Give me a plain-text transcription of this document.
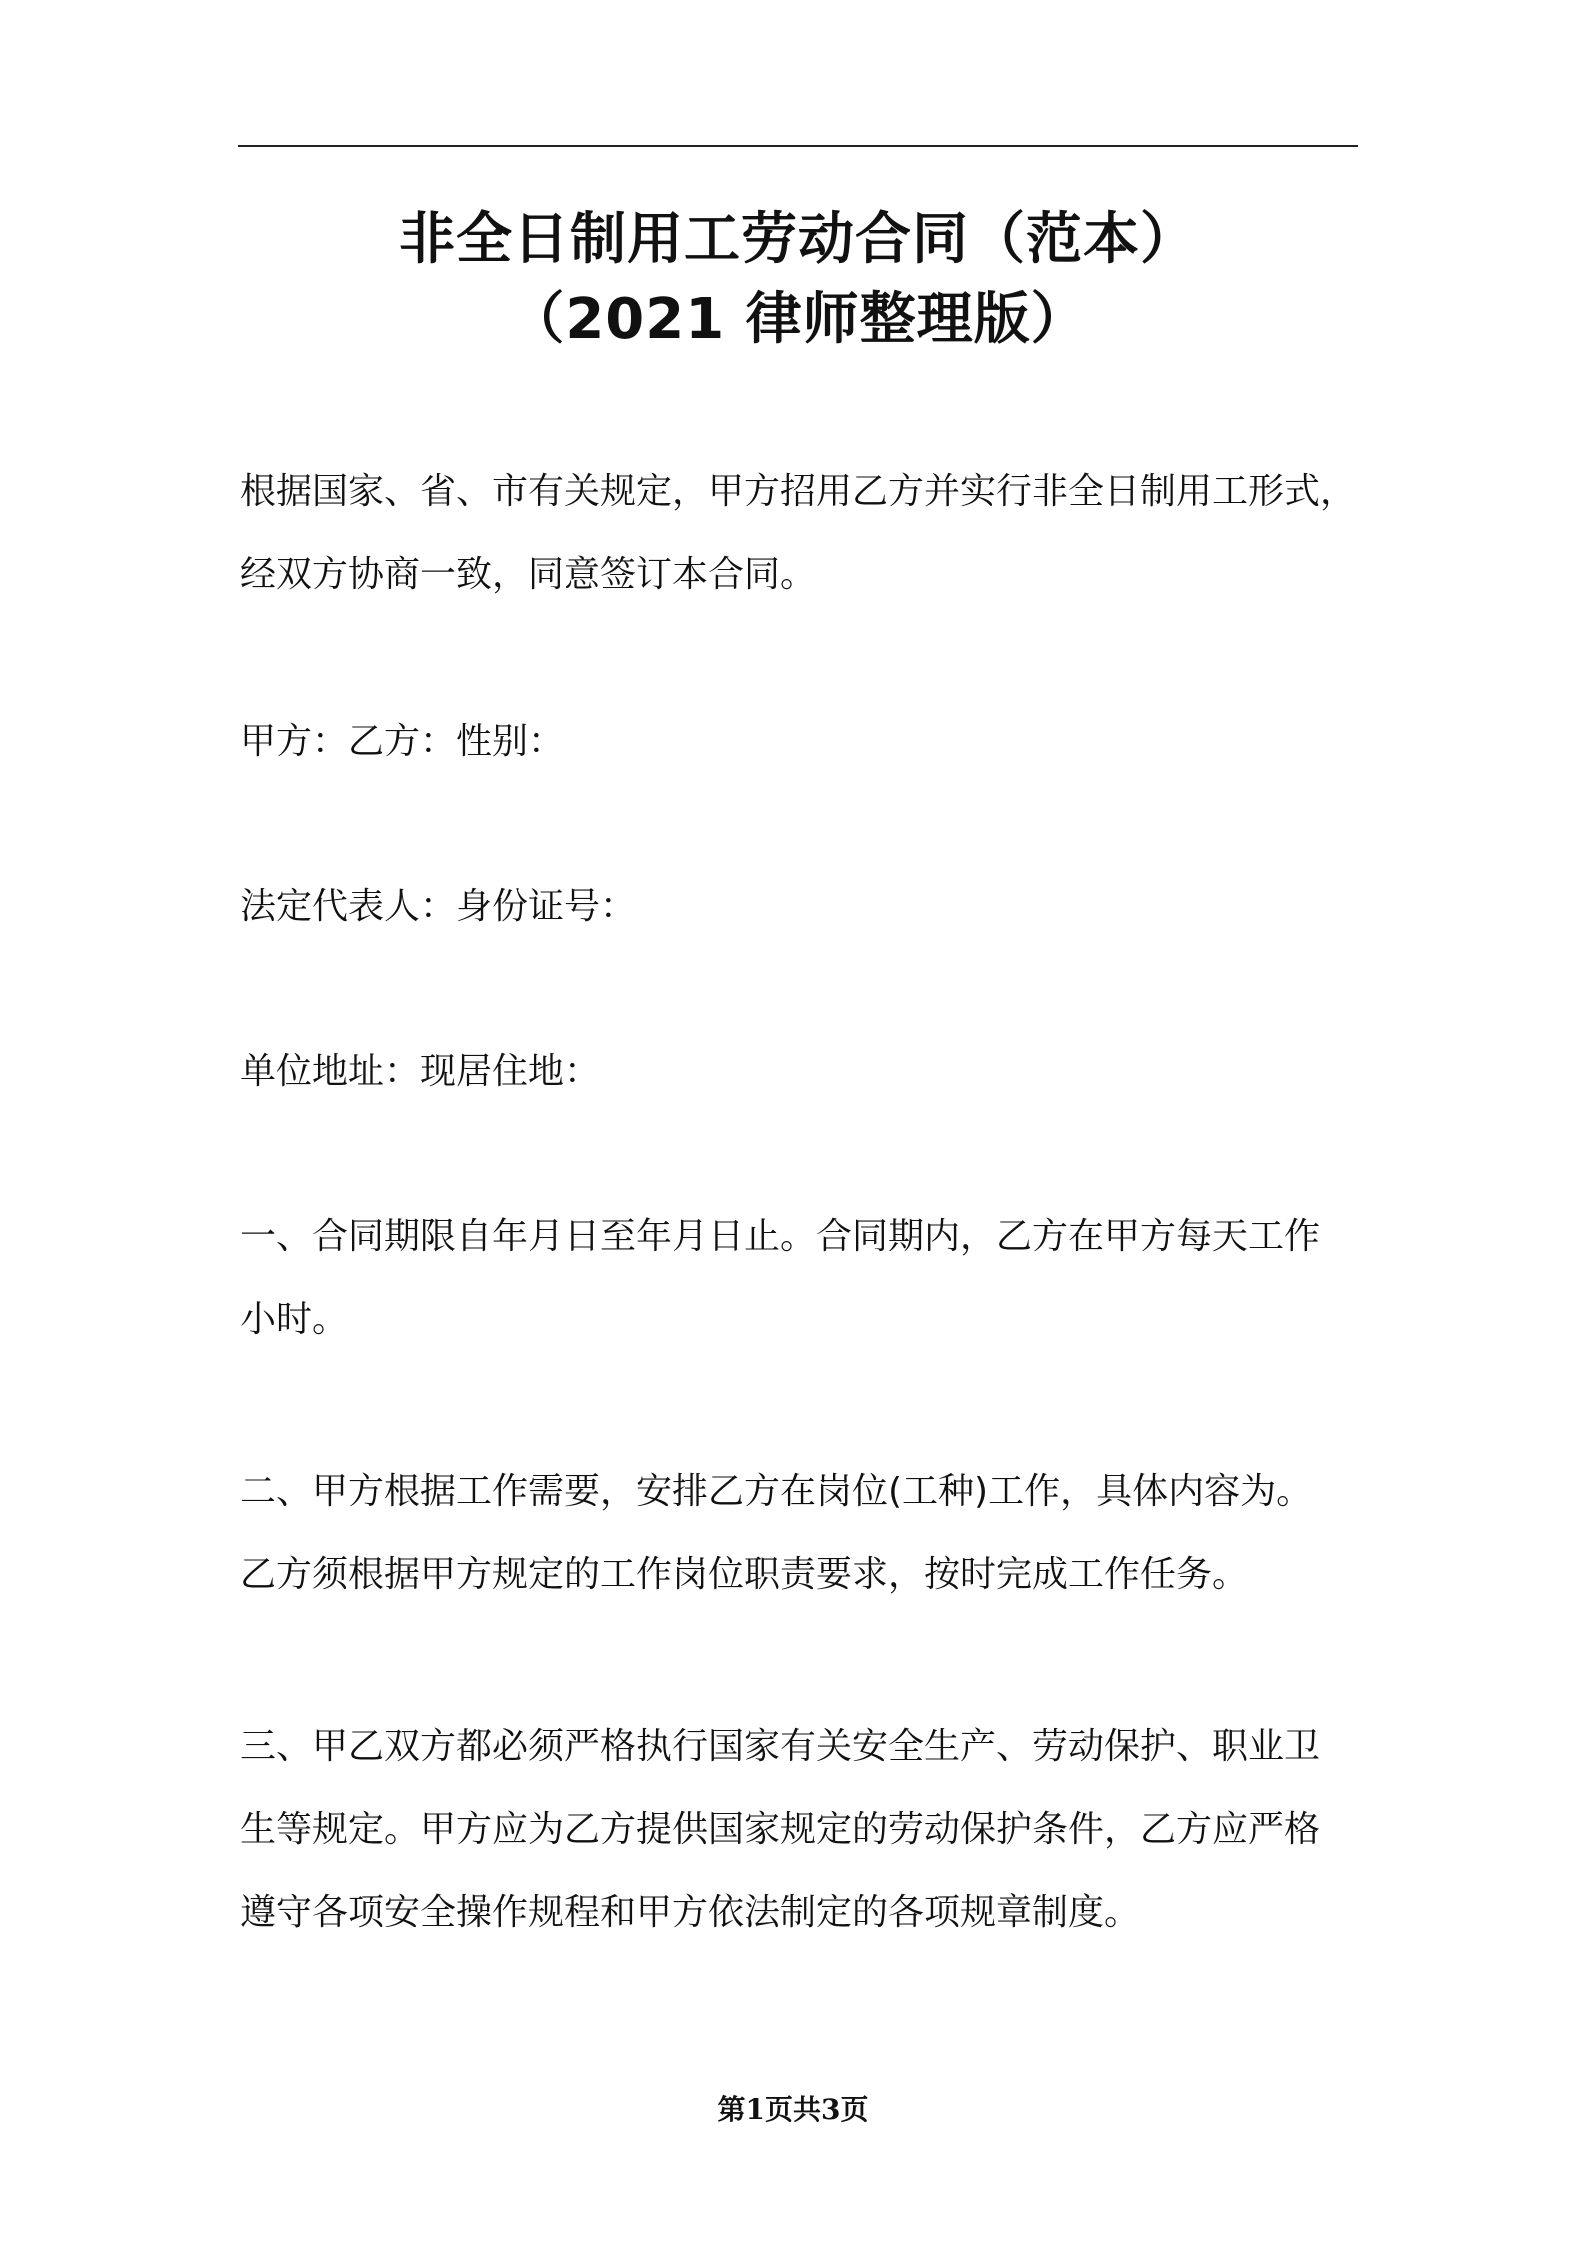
非全日制用工劳动合同（范本）
（2021 律师整理版）
根据国家、省、市有关规定，甲方招用乙方并实行非全日制用工形式，
经双方协商一致，同意签订本合同。
甲方：乙方：性别：
法定代表人：身份证号：
单位地址：现居住地：
一、合同期限自年月日至年月日止。合同期内，乙方在甲方每天工作
小时。
二、甲方根据工作需要，安排乙方在岗位(工种)工作，具体内容为。
乙方须根据甲方规定的工作岗位职责要求，按时完成工作任务。
三、甲乙双方都必须严格执行国家有关安全生产、劳动保护、职业卫
生等规定。甲方应为乙方提供国家规定的劳动保护条件，乙方应严格
遵守各项安全操作规程和甲方依法制定的各项规章制度。
第1页共3页
